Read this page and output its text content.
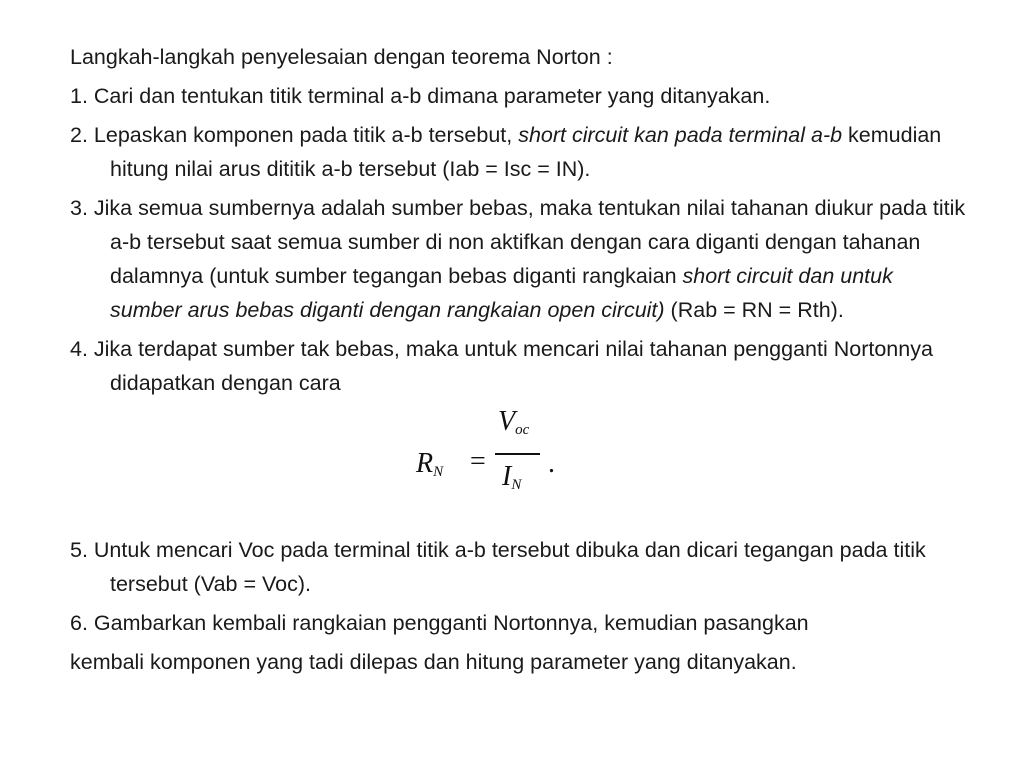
Langkah-langkah penyelesaian dengan teorema Norton :

1. Cari dan tentukan titik terminal a-b dimana parameter yang ditanyakan.

2. Lepaskan komponen pada titik a-b tersebut, short circuit kan pada terminal a-b kemudian hitung nilai arus dititik a-b tersebut (Iab = Isc = IN).

3. Jika semua sumbernya adalah sumber bebas, maka tentukan nilai tahanan diukur pada titik a-b tersebut saat semua sumber di non aktifkan dengan cara diganti dengan tahanan dalamnya (untuk sumber tegangan bebas diganti rangkaian short circuit dan untuk sumber arus bebas diganti dengan rangkaian open circuit) (Rab = RN = Rth).

4. Jika terdapat sumber tak bebas, maka untuk mencari nilai tahanan pengganti Nortonnya didapatkan dengan cara

$R_N$ =
$V_{oc}$
$I_N$
.

5. Untuk mencari Voc pada terminal titik a-b tersebut dibuka dan dicari tegangan pada titik tersebut (Vab = Voc).

6. Gambarkan kembali rangkaian pengganti Nortonnya, kemudian pasangkan

kembali komponen yang tadi dilepas dan hitung parameter yang ditanyakan.
